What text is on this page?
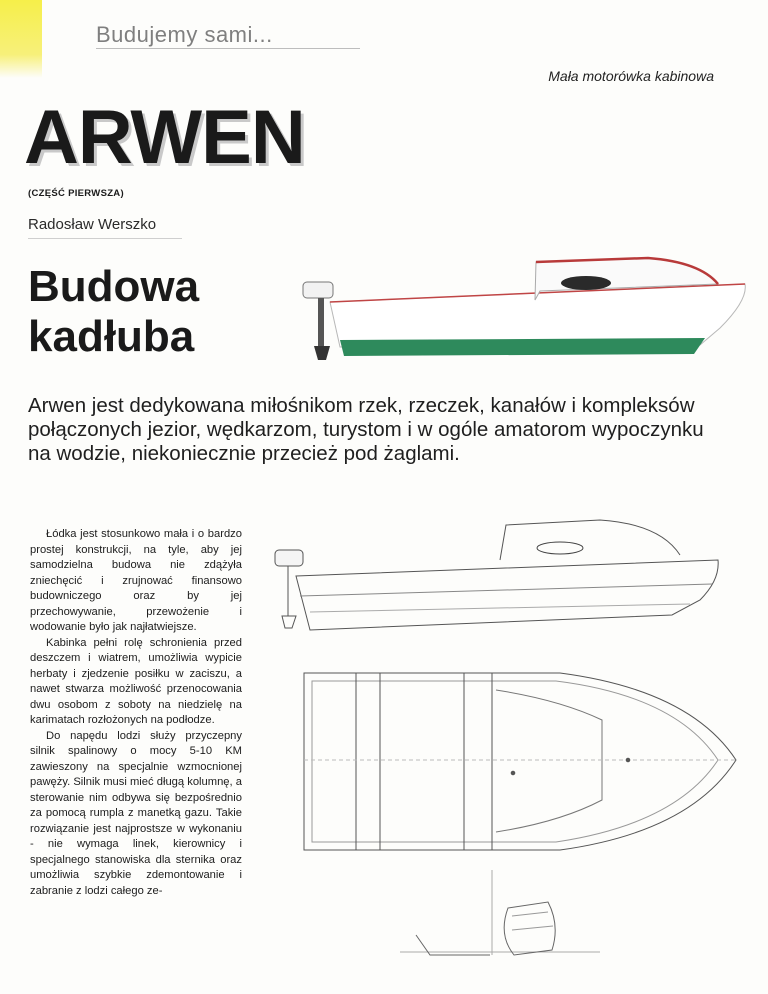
Budujemy sami...
Mała motorówka kabinowa
ARWEN
(CZĘŚĆ PIERWSZA)
Radosław Werszko
Budowa
kadłuba
Arwen jest dedykowana miłośnikom rzek, rzeczek, kanałów i kompleksów połączonych jezior, wędkarzom, turystom i w ogóle amatorom wypoczynku na wodzie, niekoniecznie przecież pod żaglami.

Łódka jest stosunkowo mała i o bardzo prostej konstrukcji, na tyle, aby jej samodzielna budowa nie zdążyła zniechęcić i zrujnować finansowo budowniczego oraz by jej przechowywanie, przewożenie i wodowanie było jak najłatwiejsze.

Kabinka pełni rolę schronienia przed deszczem i wiatrem, umożliwia wypicie herbaty i zjedzenie posiłku w zaciszu, a nawet stwarza możliwość przenocowania dwu osobom z soboty na niedzielę na karimatach rozłożonych na podłodze.

Do napędu lodzi służy przyczepny silnik spalinowy o mocy 5-10 KM zawieszony na specjalnie wzmocnionej pawęży. Silnik musi mieć długą kolumnę, a sterowanie nim odbywa się bezpośrednio za pomocą rumpla z manetką gazu. Takie rozwiązanie jest najprostsze w wykonaniu - nie wymaga linek, kierownicy i specjalnego stanowiska dla sternika oraz umożliwia szybkie zdemontowanie i zabranie z lodzi całego ze-
